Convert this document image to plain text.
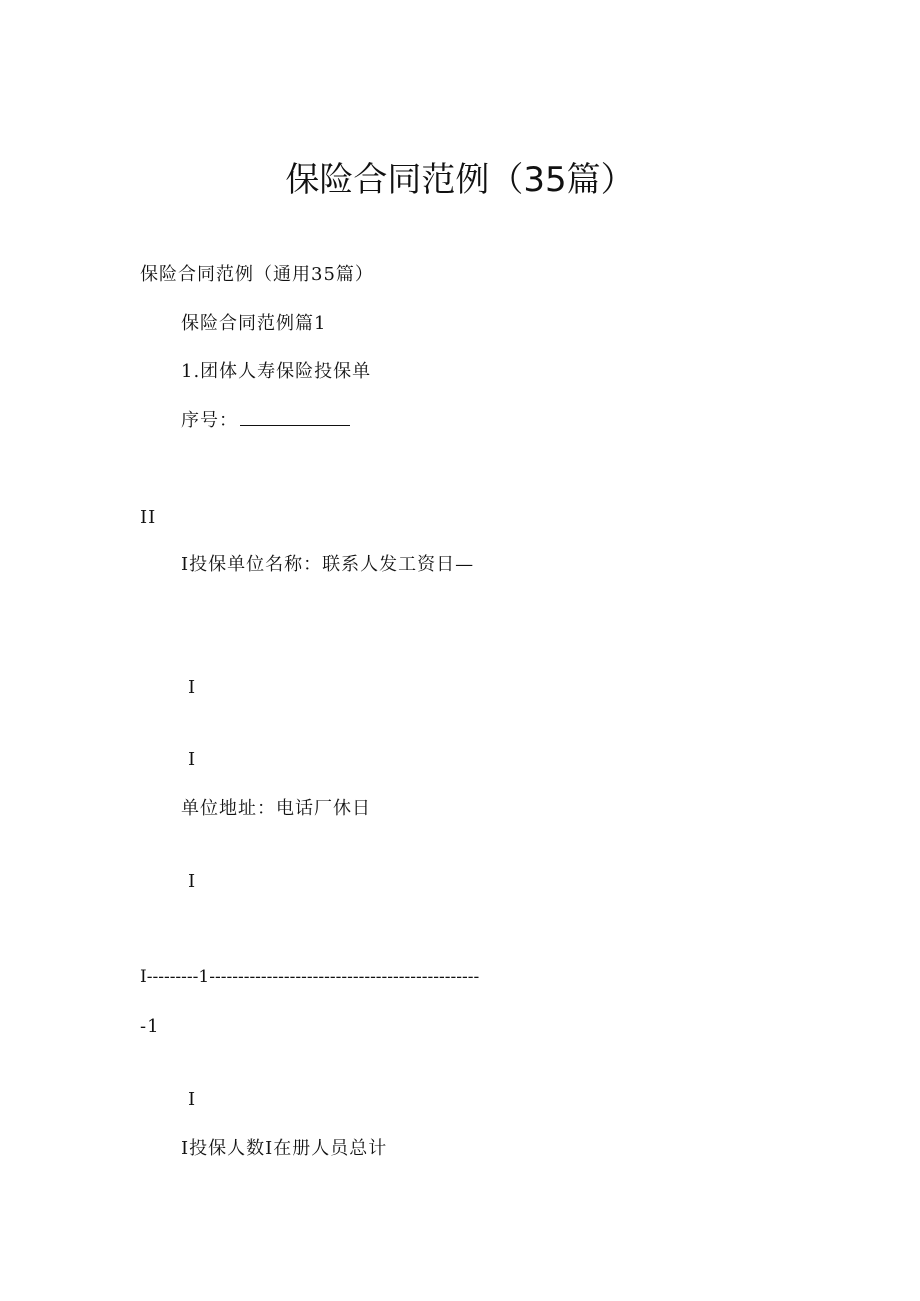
保险合同范例（35篇）
保险合同范例（通用35篇）
保险合同范例篇1
1.团体人寿保险投保单
序号：
II
I投保单位名称：联系人发工资日—
I
I
单位地址：电话厂休日
I
I---------1-----------------------------------------------
-1
I
I投保人数I在册人员总计
